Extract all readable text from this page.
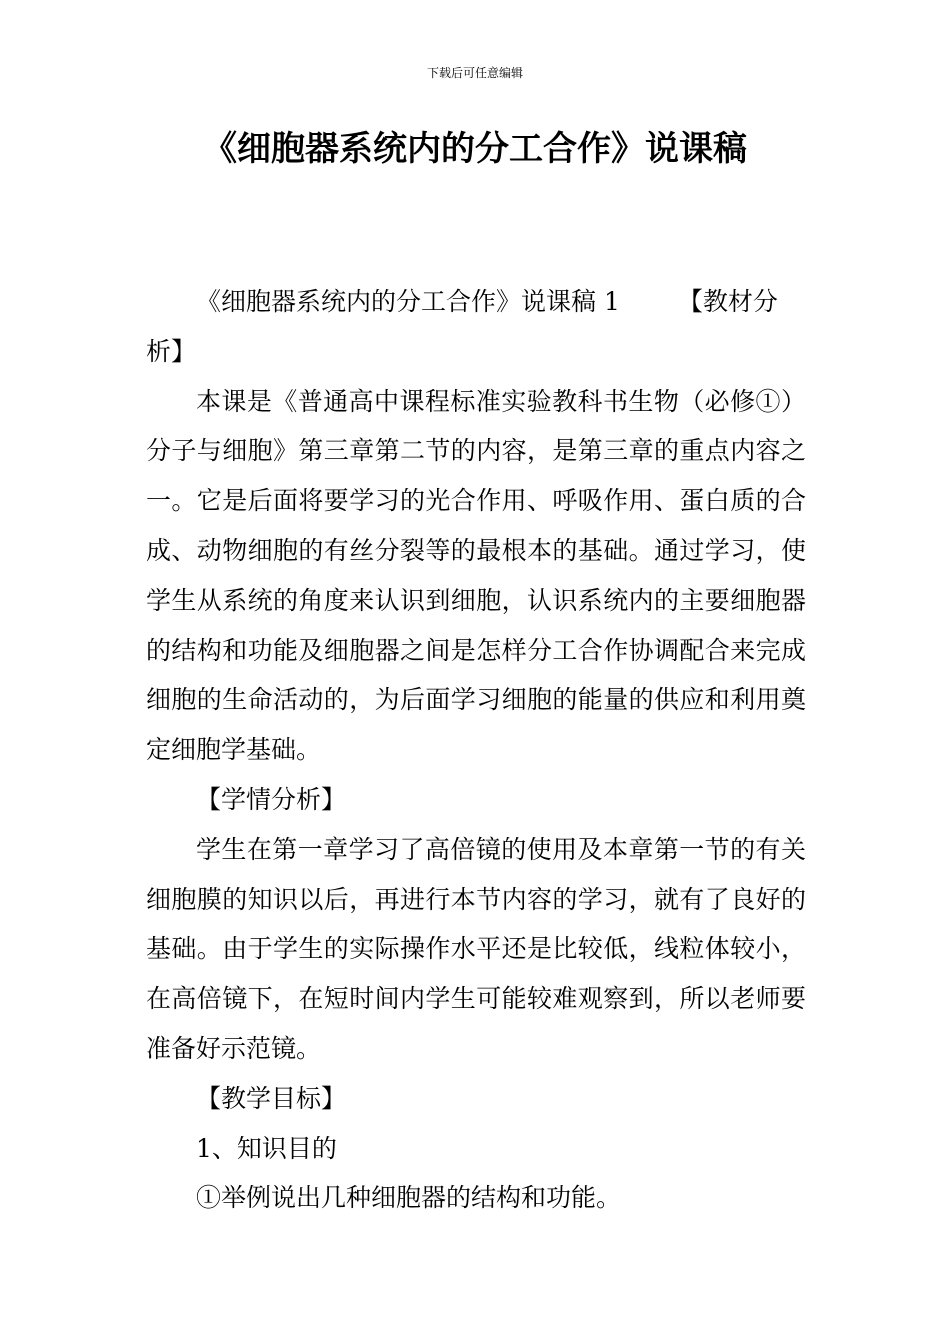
下载后可任意编辑
《细胞器系统内的分工合作》说课稿

《细胞器系统内的分工合作》说课稿 1 【教材分析】

本课是《普通高中课程标准实验教科书生物（必修①）分子与细胞》第三章第二节的内容，是第三章的重点内容之一。它是后面将要学习的光合作用、呼吸作用、蛋白质的合成、动物细胞的有丝分裂等的最根本的基础。通过学习，使学生从系统的角度来认识到细胞，认识系统内的主要细胞器的结构和功能及细胞器之间是怎样分工合作协调配合来完成细胞的生命活动的，为后面学习细胞的能量的供应和利用奠定细胞学基础。

【学情分析】

学生在第一章学习了高倍镜的使用及本章第一节的有关细胞膜的知识以后，再进行本节内容的学习，就有了良好的基础。由于学生的实际操作水平还是比较低，线粒体较小，在高倍镜下，在短时间内学生可能较难观察到，所以老师要准备好示范镜。

【教学目标】

1、知识目的

①举例说出几种细胞器的结构和功能。
